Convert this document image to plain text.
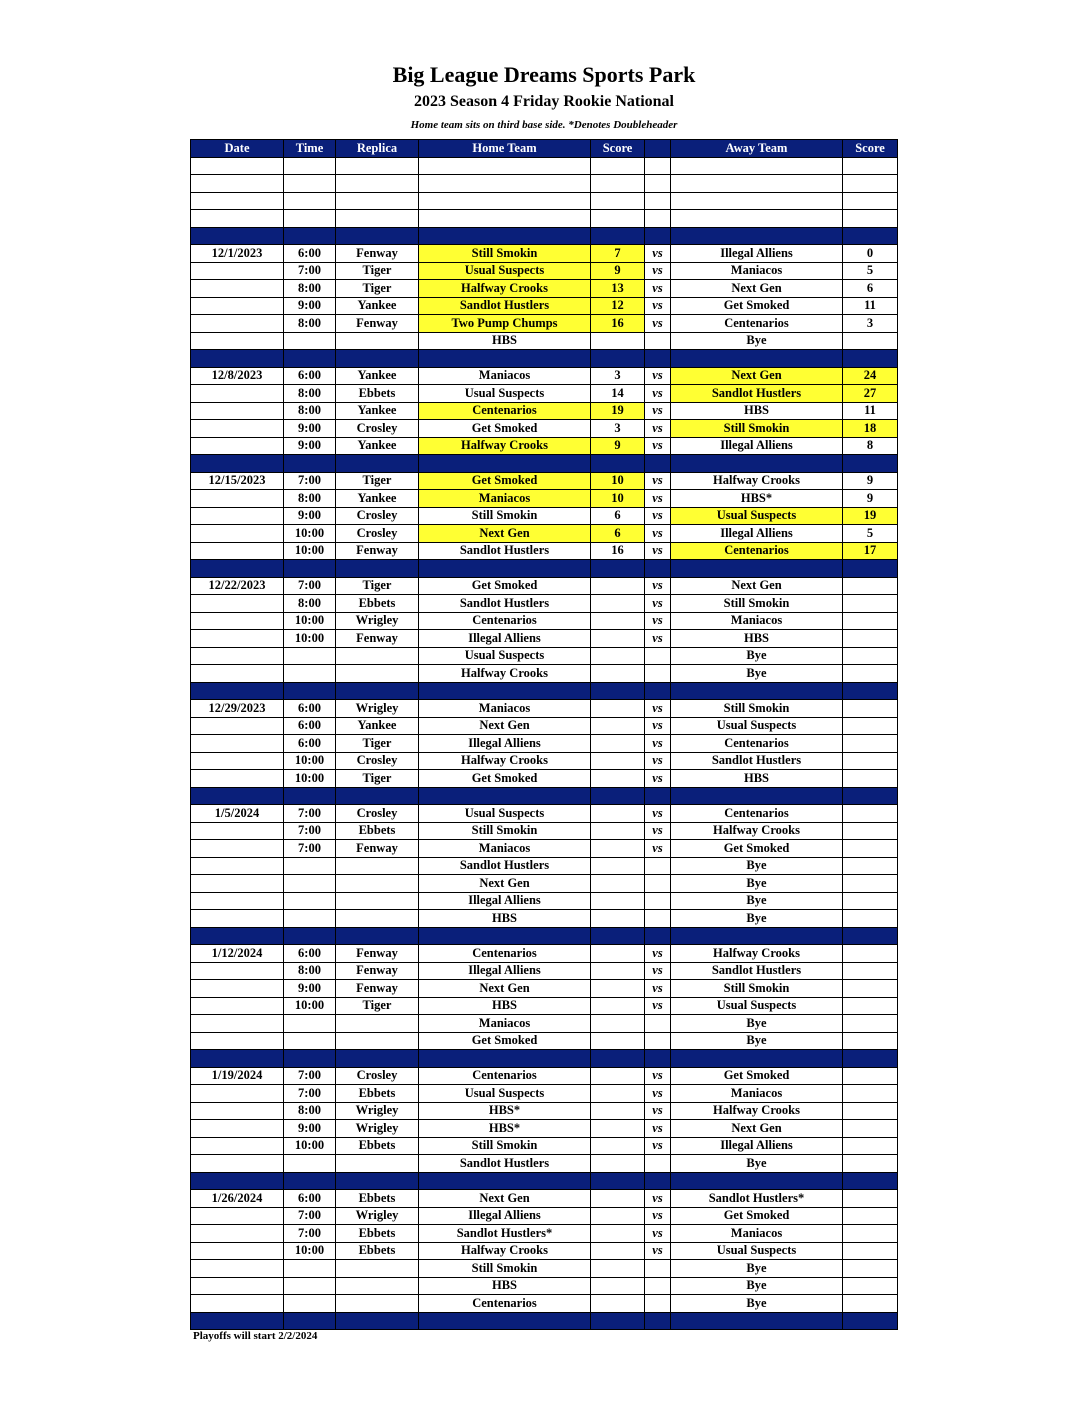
Big League Dreams Sports Park
2023 Season 4 Friday Rookie National
Home team sits on third base side. *Denotes Doubleheader
Date	Time	Replica	Home Team	Score		Away Team	Score

12/1/2023	6:00	Fenway	Still Smokin	7	vs	Illegal Alliens	0
	7:00	Tiger	Usual Suspects	9	vs	Maniacos	5
	8:00	Tiger	Halfway Crooks	13	vs	Next Gen	6
	9:00	Yankee	Sandlot Hustlers	12	vs	Get Smoked	11
	8:00	Fenway	Two Pump Chumps	16	vs	Centenarios	3
			HBS			Bye	

12/8/2023	6:00	Yankee	Maniacos	3	vs	Next Gen	24
	8:00	Ebbets	Usual Suspects	14	vs	Sandlot Hustlers	27
	8:00	Yankee	Centenarios	19	vs	HBS	11
	9:00	Crosley	Get Smoked	3	vs	Still Smokin	18
	9:00	Yankee	Halfway Crooks	9	vs	Illegal Alliens	8

12/15/2023	7:00	Tiger	Get Smoked	10	vs	Halfway Crooks	9
	8:00	Yankee	Maniacos	10	vs	HBS*	9
	9:00	Crosley	Still Smokin	6	vs	Usual Suspects	19
	10:00	Crosley	Next Gen	6	vs	Illegal Alliens	5
	10:00	Fenway	Sandlot Hustlers	16	vs	Centenarios	17

12/22/2023	7:00	Tiger	Get Smoked		vs	Next Gen	
	8:00	Ebbets	Sandlot Hustlers		vs	Still Smokin	
	10:00	Wrigley	Centenarios		vs	Maniacos	
	10:00	Fenway	Illegal Alliens		vs	HBS	
			Usual Suspects			Bye	
			Halfway Crooks			Bye	

12/29/2023	6:00	Wrigley	Maniacos		vs	Still Smokin	
	6:00	Yankee	Next Gen		vs	Usual Suspects	
	6:00	Tiger	Illegal Alliens		vs	Centenarios	
	10:00	Crosley	Halfway Crooks		vs	Sandlot Hustlers	
	10:00	Tiger	Get Smoked		vs	HBS	

1/5/2024	7:00	Crosley	Usual Suspects		vs	Centenarios	
	7:00	Ebbets	Still Smokin		vs	Halfway Crooks	
	7:00	Fenway	Maniacos		vs	Get Smoked	
			Sandlot Hustlers			Bye	
			Next Gen			Bye	
			Illegal Alliens			Bye	
			HBS			Bye	

1/12/2024	6:00	Fenway	Centenarios		vs	Halfway Crooks	
	8:00	Fenway	Illegal Alliens		vs	Sandlot Hustlers	
	9:00	Fenway	Next Gen		vs	Still Smokin	
	10:00	Tiger	HBS		vs	Usual Suspects	
			Maniacos			Bye	
			Get Smoked			Bye	

1/19/2024	7:00	Crosley	Centenarios		vs	Get Smoked	
	7:00	Ebbets	Usual Suspects		vs	Maniacos	
	8:00	Wrigley	HBS*		vs	Halfway Crooks	
	9:00	Wrigley	HBS*		vs	Next Gen	
	10:00	Ebbets	Still Smokin		vs	Illegal Alliens	
			Sandlot Hustlers			Bye	

1/26/2024	6:00	Ebbets	Next Gen		vs	Sandlot Hustlers*	
	7:00	Wrigley	Illegal Alliens		vs	Get Smoked	
	7:00	Ebbets	Sandlot Hustlers*		vs	Maniacos	
	10:00	Ebbets	Halfway Crooks		vs	Usual Suspects	
			Still Smokin			Bye	
			HBS			Bye	
			Centenarios			Bye	

Playoffs will start 2/2/2024
